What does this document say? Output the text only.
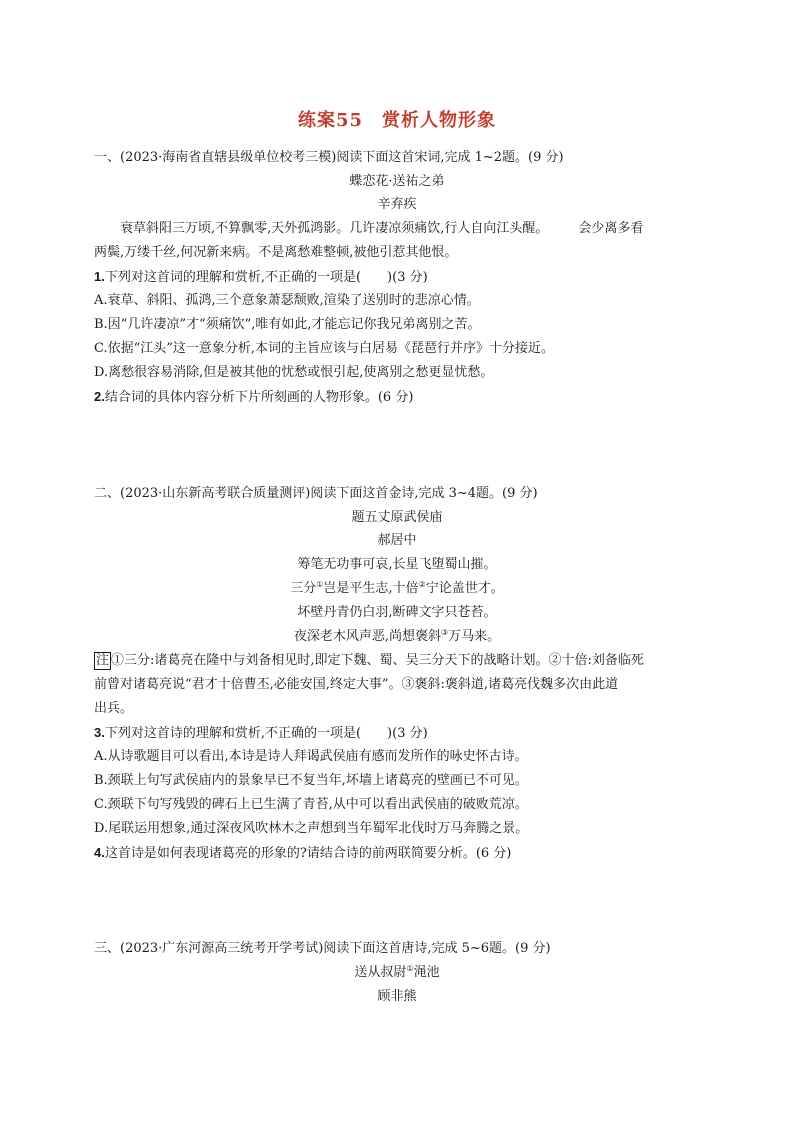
练案55　赏析人物形象
一、(2023·海南省直辖县级单位校考三模)阅读下面这首宋词,完成 1~2题。(9 分)
蝶恋花·送祐之弟
辛弃疾
衰草斜阳三万顷,不算飘零,天外孤鸿影。几许凄凉须痛饮,行人自向江头醒。 会少离多看
两鬓,万缕千丝,何况新来病。不是离愁难整顿,被他引惹其他恨。
1.下列对这首词的理解和赏析,不正确的一项是(　　)(3 分)
A.衰草、斜阳、孤鸿,三个意象萧瑟颓败,渲染了送别时的悲凉心情。
B.因“几许凄凉”才“须痛饮”,唯有如此,才能忘记你我兄弟离别之苦。
C.依据“江头”这一意象分析,本词的主旨应该与白居易《琵琶行并序》十分接近。
D.离愁很容易消除,但是被其他的忧愁或恨引起,使离别之愁更显忧愁。
2.结合词的具体内容分析下片所刻画的人物形象。(6 分)
二、(2023·山东新高考联合质量测评)阅读下面这首金诗,完成 3~4题。(9 分)
题五丈原武侯庙
郝居中
筹笔无功事可哀,长星飞堕蜀山摧。
三分①岂是平生志,十倍②宁论盖世才。
坏壁丹青仍白羽,断碑文字只苍苔。
夜深老木风声恶,尚想褒斜③万马来。
注 ①三分:诸葛亮在隆中与刘备相见时,即定下魏、蜀、吴三分天下的战略计划。②十倍:刘备临死
前曾对诸葛亮说“君才十倍曹丕,必能安国,终定大事”。③褒斜:褒斜道,诸葛亮伐魏多次由此道
出兵。
3.下列对这首诗的理解和赏析,不正确的一项是(　　)(3 分)
A.从诗歌题目可以看出,本诗是诗人拜谒武侯庙有感而发所作的咏史怀古诗。
B.颈联上句写武侯庙内的景象早已不复当年,坏墙上诸葛亮的壁画已不可见。
C.颈联下句写残毁的碑石上已生满了青苔,从中可以看出武侯庙的破败荒凉。
D.尾联运用想象,通过深夜风吹林木之声想到当年蜀军北伐时万马奔腾之景。
4.这首诗是如何表现诸葛亮的形象的?请结合诗的前两联简要分析。(6 分)
三、(2023·广东河源高三统考开学考试)阅读下面这首唐诗,完成 5~6题。(9 分)
送从叔尉①渑池
顾非熊
